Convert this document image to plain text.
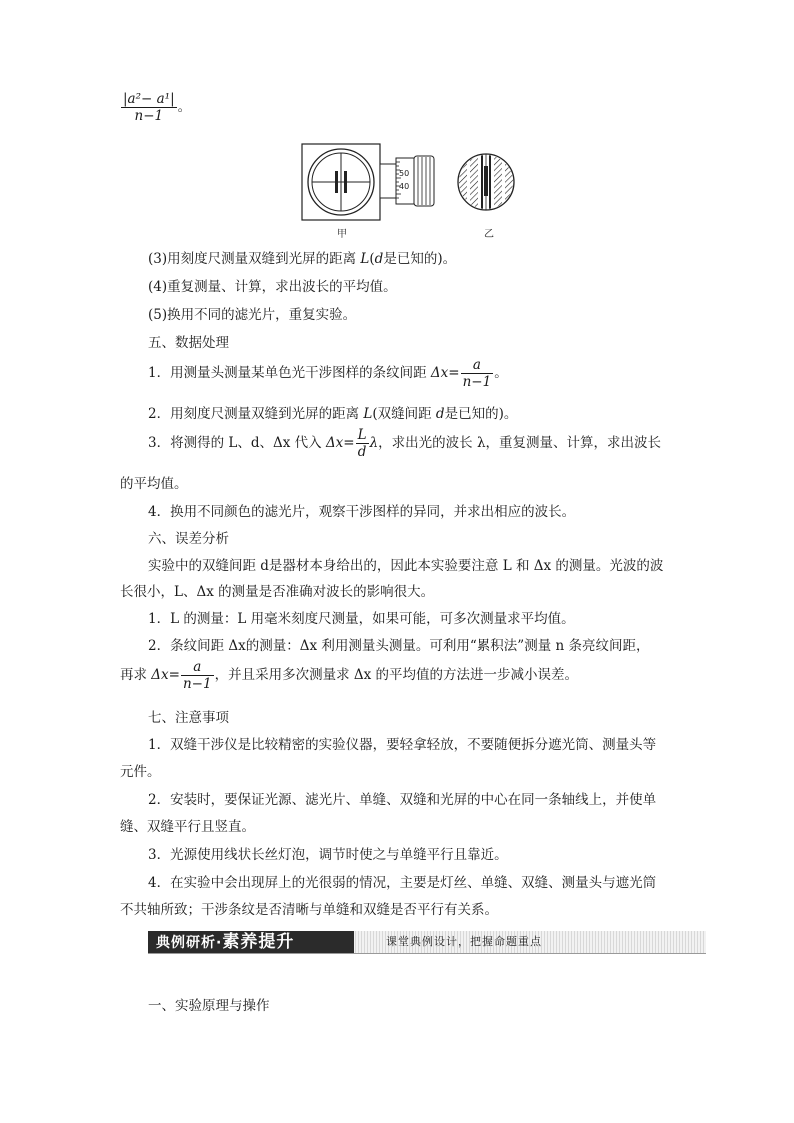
$\frac{\text{|a²− a¹|}}{n-1}$ 。
50
40
甲	乙
(3)用刻度尺测量双缝到光屏的距离 L(d是已知的)。
(4)重复测量、计算，求出波长的平均值。
(5)换用不同的滤光片，重复实验。
五、数据处理
1．用测量头测量某单色光干涉图样的条纹间距 $\Delta x= \frac{a}{n-1}$ 。
2．用刻度尺测量双缝到光屏的距离 L(双缝间距 d是已知的)。
3．将测得的 L、d、Δx 代入 $\Delta x= \frac{L}{d}$ λ，求出光的波长 λ，重复测量、计算，求出波长
的平均值。
4．换用不同颜色的滤光片，观察干涉图样的异同，并求出相应的波长。
六、误差分析
实验中的双缝间距 d是器材本身给出的，因此本实验要注意 L 和 Δx 的测量。光波的波
长很小，L、Δx 的测量是否准确对波长的影响很大。
1．L 的测量：L 用毫米刻度尺测量，如果可能，可多次测量求平均值。
2．条纹间距 Δx的测量：Δx 利用测量头测量。可利用“累积法”测量 n 条亮纹间距，
再求 $\Delta x= \frac{a}{n-1}$ ，并且采用多次测量求 Δx 的平均值的方法进一步减小误差。
七、注意事项
1．双缝干涉仪是比较精密的实验仪器，要轻拿轻放，不要随便拆分遮光筒、测量头等
元件。
2．安装时，要保证光源、滤光片、单缝、双缝和光屏的中心在同一条轴线上，并使单
缝、双缝平行且竖直。
3．光源使用线状长丝灯泡，调节时使之与单缝平行且靠近。
4．在实验中会出现屏上的光很弱的情况，主要是灯丝、单缝、双缝、测量头与遮光筒
不共轴所致；干涉条纹是否清晰与单缝和双缝是否平行有关系。
典例研析·素养提升	课堂典例设计，把握命题重点
一、实验原理与操作
